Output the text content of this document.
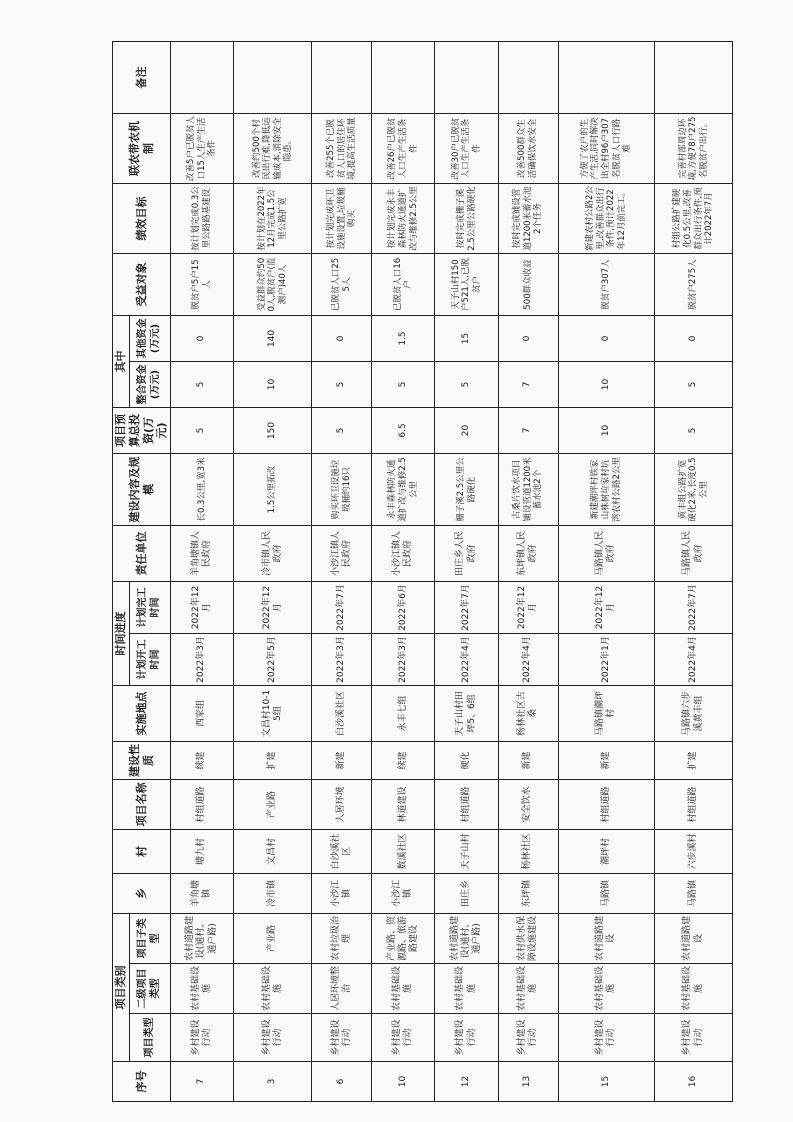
序号	项目类别			乡	村	项目名称	建设性质	实施地点	时间进度		责任单位	建设内容及规模	项目预算总投资(万元)	其中		受益对象	绩效目标	联农带农机制	备注
	项目类型	二级项目类型	项目子类型						计划开工时间	计划完工时间				整合资金(万元)	其他资金(万元)				

7	乡村建设行动	农村基础设施	农村道路建设(通村、通户路)	羊角塘镇	塘九村	村组道路	续建	西家组	2022年3月	2022年12月	羊角塘镇人民政府	长0.3公里,宽3米	5	5	0	脱贫户5户15人	按计划完成0.3公里公路路基建设	改善5户已脱贫人口15人生产生活条件	
3	乡村建设行动	农村基础设施	产业路	冷市镇	文昌村	产业路	扩建	文昌村10-15组	2022年5月	2022年12月	冷市镇人民政府	1.5公里拓改	150	10	140	受益群众约500人,脱贫户(监测户)40人	按计划在2022年12月完成1.5公里公路扩宽	改善约500个村民出行难,降低运输成本,消除安全隐患。	
6	乡村建设行动	人居环境整治	农村垃圾治理	小沙江镇	白沙溪社区	人居环境	新建	白沙溪社区	2022年3月	2022年7月	小沙江镇人民政府	购买环卫设施垃圾桶约16只	5	5	0	已脱贫人口255人	按计划完成环卫设施设置,垃圾桶购买	改善255个已脱贫人口的居住环境,提高生活质量	
10	乡村建设行动	农村基础设施	产业路、资源路、旅游路建设	小沙江镇	数溪社区	林道建设	续建	永丰七组	2022年3月	2022年6月	小沙江镇人民政府	永丰森林防火通道扩改与维修2.5公里	6.5	5	1.5	已脱贫人口16户	按计划完成永丰森林防火通道扩改与维修2.5公里	改善26户已脱贫人口生产生活条件	
12	乡村建设行动	农村基础设施	农村道路建设(通村、通户路)	田庄乡	天子山村	村组道路	硬化	天子山村田坪5、6组	2022年4月	2022年7月	田庄乡人民政府	栅子溪2.5公里公路硬化	20	5	15	天子山村150户521人,已脱贫户	按时完成栅子溪2.5公里公路硬化	改善30户已脱贫人口生产生活条件	
13	乡村建设行动	农村基础设施	农村供水保障设施建设	东坪镇	杨林社区	安全饮水	新建	杨林社区古桑	2022年4月	2022年12月	东坪镇人民政府	古桑片饮水项目铺设管道1200米蓄水池2个	7	7	0	500群众收益	按时完成铺设管道1200米蓄水池2个任务	改善500群众生活确保饮水安全	
15	乡村建设行动	农村基础设施	农村道路建设	马路镇	潮坪村	村组道路	新建	马路镇潮坪村	2022年1月	2022年12月	马路镇人民政府	新建潮坪村铁家山株树垃家村坑湾农村公路2公里	10	10	0	脱贫户307人	新建农村公路2公里,改善群众出行条件,预计2022年12月前完工。	方便了农户的生产生活,同时解决出全村96户307名脱贫人口行路难	
16	乡村建设行动	农村基础设施	农村道路建设	马路镇	六步溪村	村组道路	扩建	马路镇六步溪黄丰组	2022年4月	2022年7月	马路镇人民政府	黄丰组公路扩宽硬化2米,长度0.5公里	5	5	0	脱贫户275人	村组公路扩建硬化0.5公里,改善群众出行条件,预计2022年7月	完善村部周边环境,方便78户275名脱贫户出行。	
